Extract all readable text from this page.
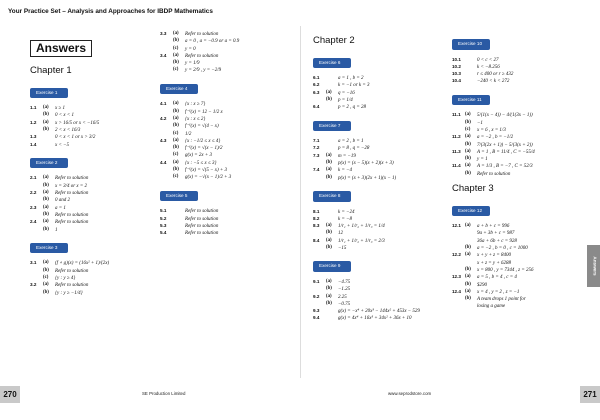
Your Practice Set – Analysis and Approaches for IBDP Mathematics
Answers
Chapter 1
Exercise 1
1.1	(a)	x ≥ 1
	(b)	0 < x < 1
1.2	(a)	x > 16/5 or x < −16/5
	(b)	2 < x < 16/3
1.3		0 < x < 1 or x > 3/2
1.4		x < −5
Exercise 2
2.1	(a)	Refer to solution
	(b)	x = 3/4 or x = 2
2.2	(a)	Refer to solution
	(b)	0 and 2
2.3	(a)	a = 1
	(b)	Refer to solution
2.4	(a)	Refer to solution
	(b)	1
Exercise 3
3.1	(a)	(f ∘ g)(x) = (16x² + 1)/(2x)
	(b)	Refer to solution
	(c)	{y : y ≥ 4}
3.2	(a)	Refer to solution
	(b)	{y : y ≥ −1/4}
3.3	(a)	Refer to solution
	(b)	a = 0 , a = −0.9 or a = 0.9
	(c)	y = 0
3.4	(a)	Refer to solution
	(b)	y = 1/9
	(c)	y = 2/9 , y = −2/9
Exercise 4
4.1	(a)	{x : x ≥ 7}
	(b)	f⁻¹(x) = 12 − 1/2 x
4.2	(a)	{x : x ≤ 2}
	(b)	f⁻¹(x) = √(4 − x)
	(c)	1/2
4.3	(a)	{x : −1/2 ≤ x ≤ 4}
	(b)	f⁻¹(x) = √(x − 1)/2
	(c)	g(x) = 2x + 3
4.4	(a)	{x : −5 ≤ x ≤ 3}
	(b)	f⁻¹(x) = √(5 − x) + 3
	(c)	g(x) = −√(x − 1)/2 + 3
Exercise 5
5.1		Refer to solution
5.2		Refer to solution
5.3		Refer to solution
5.4		Refer to solution
Chapter 2
Exercise 6
6.1		a = 1 , b = 2
6.2		k = −1 or k = 3
6.3	(a)	q = −16
	(b)	p = 1/4
6.4		p = 2 , q = 28
Exercise 7
7.1		a = 2 , b = 1
7.2		p = 8 , q = −28
7.3	(a)	m = −19
	(b)	p(x) = (x − 5)(x + 2)(x + 3)
7.4	(a)	k = −4
	(b)	p(x) = (x + 3)(2x + 1)(x − 1)
Exercise 8
8.1		k = −24
8.2		k = −8
8.3	(a)	1/r₁ + 1/r₂ + 1/r₃ = 1/4
	(b)	12
8.4	(a)	1/r₁ + 1/r₂ + 1/r₃ = 2/3
	(b)	−15
Exercise 9
9.1	(a)	−4.75
	(b)	−1.25
9.2	(a)	2.25
	(b)	−0.75
9.3		g(x) = −x⁴ + 20x³ − 144x² + 453x − 529
9.4		g(x) = 4x⁴ + 16x³ + 34x² + 36x + 10
Exercise 10
10.1		0 < c < 27
10.2		k < −8.256
10.3		r ≤ 400 or r ≥ 432
10.4		−240 < k < 272
Exercise 11
11.1	(a)	5/(1(x − 4)) − 4/(1(3x − 1))
	(b)	−1
	(c)	x = 6 , x = 1/3
11.2	(a)	a = −2 , b = −1/2
	(b)	7/(3(2x + 1)) − 5/(3(x + 2))
11.3	(a)	A = 1 , B = 11/4 , C = −55/4
	(b)	y = 1
11.4	(a)	A = 1/3 , B = −7 , C = 52/3
	(b)	Refer to solution
Chapter 3
Exercise 12
12.1	(a)	a + b + c = 996
		9a + 3b + c = 987
		36a + 6b + c = 928
	(b)	a = −2 , b = 0 , c = 1000
12.2	(a)	x + y + z = 8400
		x + z = y + 6288
	(b)	x = 800 , y = 7344 , z = 256
12.3	(a)	a = 5 , b = 4 , c = 4
	(b)	$290
12.4	(a)	x = 4 , y = 2 , z = −1
	(b)	A team drops 1 point for
		losing a game
Answers
270	SE Production Limited	www.seprodstore.com	271
